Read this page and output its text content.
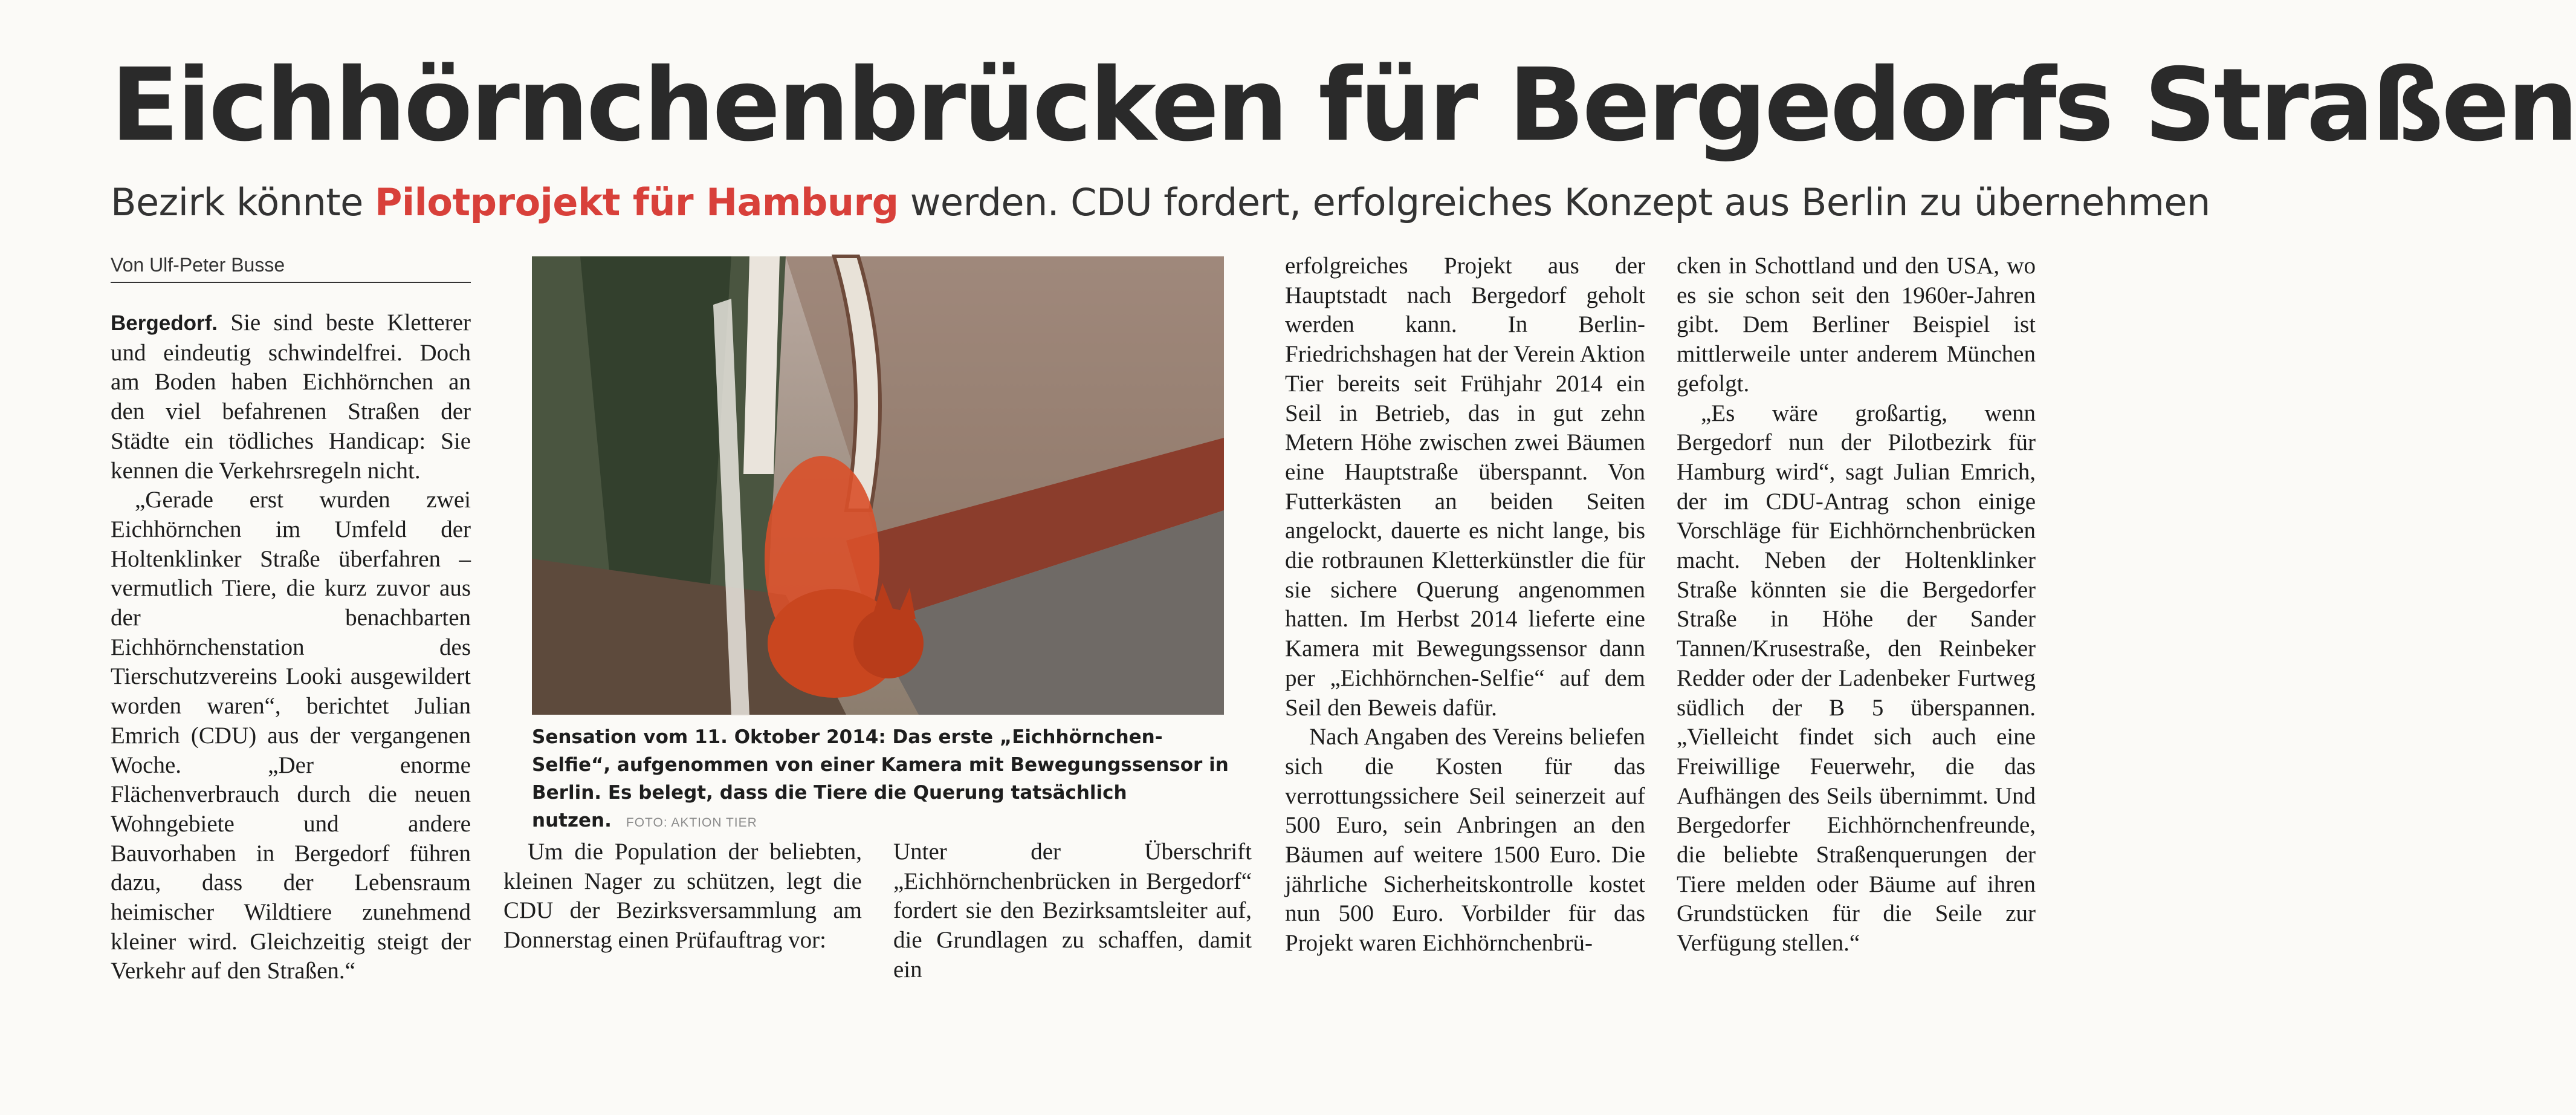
Eichhörnchenbrücken für Bergedorfs Straßen

Bezirk könnte Pilotprojekt für Hamburg werden. CDU fordert, erfolgreiches Konzept aus Berlin zu übernehmen

Von Ulf-Peter Busse

Bergedorf. Sie sind beste Kletterer und eindeutig schwindelfrei. Doch am Boden haben Eichhörnchen an den viel befahrenen Straßen der Städte ein tödliches Handicap: Sie kennen die Verkehrsregeln nicht.

„Gerade erst wurden zwei Eichhörnchen im Umfeld der Holtenklinker Straße überfahren – vermutlich Tiere, die kurz zuvor aus der benachbarten Eichhörnchenstation des Tierschutzvereins Looki ausgewildert worden waren“, berichtet Julian Emrich (CDU) aus der vergangenen Woche. „Der enorme Flächenverbrauch durch die neuen Wohngebiete und andere Bauvorhaben in Bergedorf führen dazu, dass der Lebensraum heimischer Wildtiere zunehmend kleiner wird. Gleichzeitig steigt der Verkehr auf den Straßen.“

Sensation vom 11. Oktober 2014: Das erste „Eichhörnchen-Selfie“, aufgenommen von einer Kamera mit Bewegungssensor in Berlin. Es belegt, dass die Tiere die Querung tatsächlich nutzen. FOTO: AKTION TIER

Um die Population der beliebten, kleinen Nager zu schützen, legt die CDU der Bezirksversammlung am Donnerstag einen Prüfauftrag vor:

Unter der Überschrift „Eichhörnchenbrücken in Bergedorf“ fordert sie den Bezirksamtsleiter auf, die Grundlagen zu schaffen, damit ein

erfolgreiches Projekt aus der Hauptstadt nach Bergedorf geholt werden kann. In Berlin-Friedrichshagen hat der Verein Aktion Tier bereits seit Frühjahr 2014 ein Seil in Betrieb, das in gut zehn Metern Höhe zwischen zwei Bäumen eine Hauptstraße überspannt. Von Futterkästen an beiden Seiten angelockt, dauerte es nicht lange, bis die rotbraunen Kletterkünstler die für sie sichere Querung angenommen hatten. Im Herbst 2014 lieferte eine Kamera mit Bewegungssensor dann per „Eichhörnchen-Selfie“ auf dem Seil den Beweis dafür.

Nach Angaben des Vereins beliefen sich die Kosten für das verrottungssichere Seil seinerzeit auf 500 Euro, sein Anbringen an den Bäumen auf weitere 1500 Euro. Die jährliche Sicherheitskontrolle kostet nun 500 Euro. Vorbilder für das Projekt waren Eichhörnchenbrü-

cken in Schottland und den USA, wo es sie schon seit den 1960er-Jahren gibt. Dem Berliner Beispiel ist mittlerweile unter anderem München gefolgt.

„Es wäre großartig, wenn Bergedorf nun der Pilotbezirk für Hamburg wird“, sagt Julian Emrich, der im CDU-Antrag schon einige Vorschläge für Eichhörnchenbrücken macht. Neben der Holtenklinker Straße könnten sie die Bergedorfer Straße in Höhe der Sander Tannen/Krusestraße, den Reinbeker Redder oder der Ladenbeker Furtweg südlich der B 5 überspannen. „Vielleicht findet sich auch eine Freiwillige Feuerwehr, die das Aufhängen des Seils übernimmt. Und Bergedorfer Eichhörnchenfreunde, die beliebte Straßenquerungen der Tiere melden oder Bäume auf ihren Grundstücken für die Seile zur Verfügung stellen.“
